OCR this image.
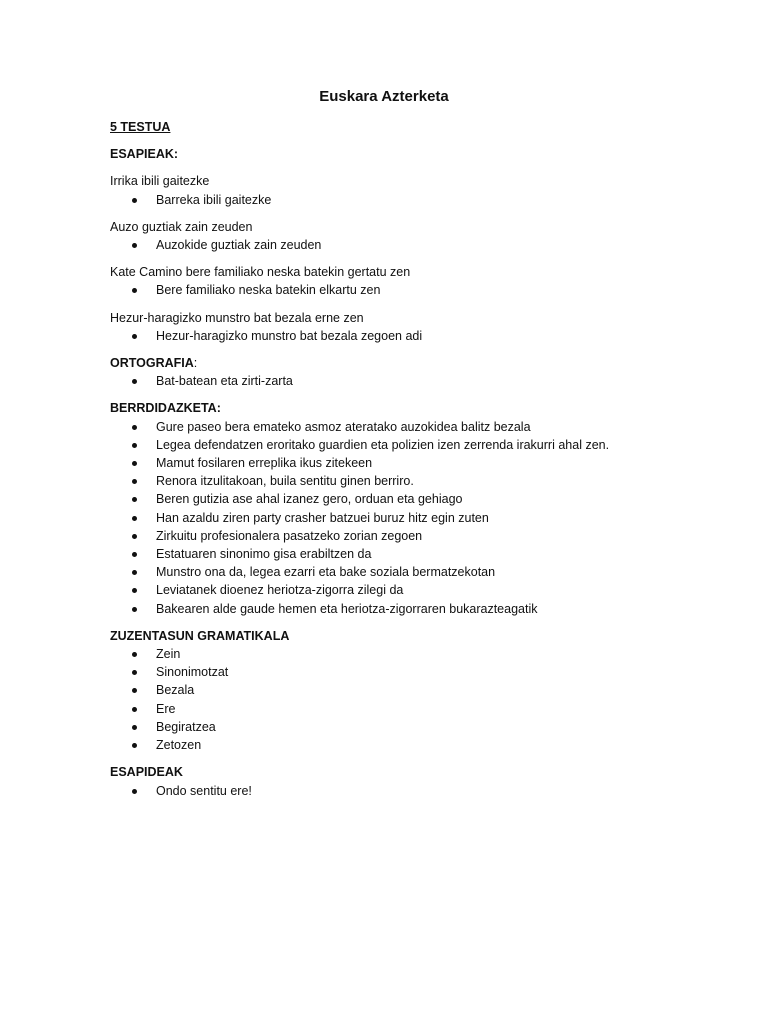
Euskara Azterketa

5 TESTUA

ESAPIEAK:

Irrika ibili gaitezke

Barreka ibili gaitezke

Auzo guztiak zain zeuden

Auzokide guztiak zain zeuden

Kate Camino bere familiako neska batekin gertatu zen

Bere familiako neska batekin elkartu zen

Hezur-haragizko munstro bat bezala erne zen

Hezur-haragizko munstro bat bezala zegoen adi

ORTOGRAFIA:

Bat-batean eta zirti-zarta

BERRDIDAZKETA:

Gure paseo bera emateko asmoz ateratako auzokidea balitz bezala
Legea defendatzen eroritako guardien eta polizien izen zerrenda irakurri ahal zen.
Mamut fosilaren erreplika ikus zitekeen
Renora itzulitakoan, buila sentitu ginen berriro.
Beren gutizia ase ahal izanez gero, orduan eta gehiago
Han azaldu ziren party crasher batzuei buruz hitz egin zuten
Zirkuitu profesionalera pasatzeko zorian zegoen
Estatuaren sinonimo gisa erabiltzen da
Munstro ona da, legea ezarri eta bake soziala bermatzekotan
Leviatanek dioenez heriotza-zigorra zilegi da
Bakearen alde gaude hemen eta heriotza-zigorraren bukarazteagatik

ZUZENTASUN GRAMATIKALA

Zein
Sinonimotzat
Bezala
Ere
Begiratzea
Zetozen

ESAPIDEAK

Ondo sentitu ere!
